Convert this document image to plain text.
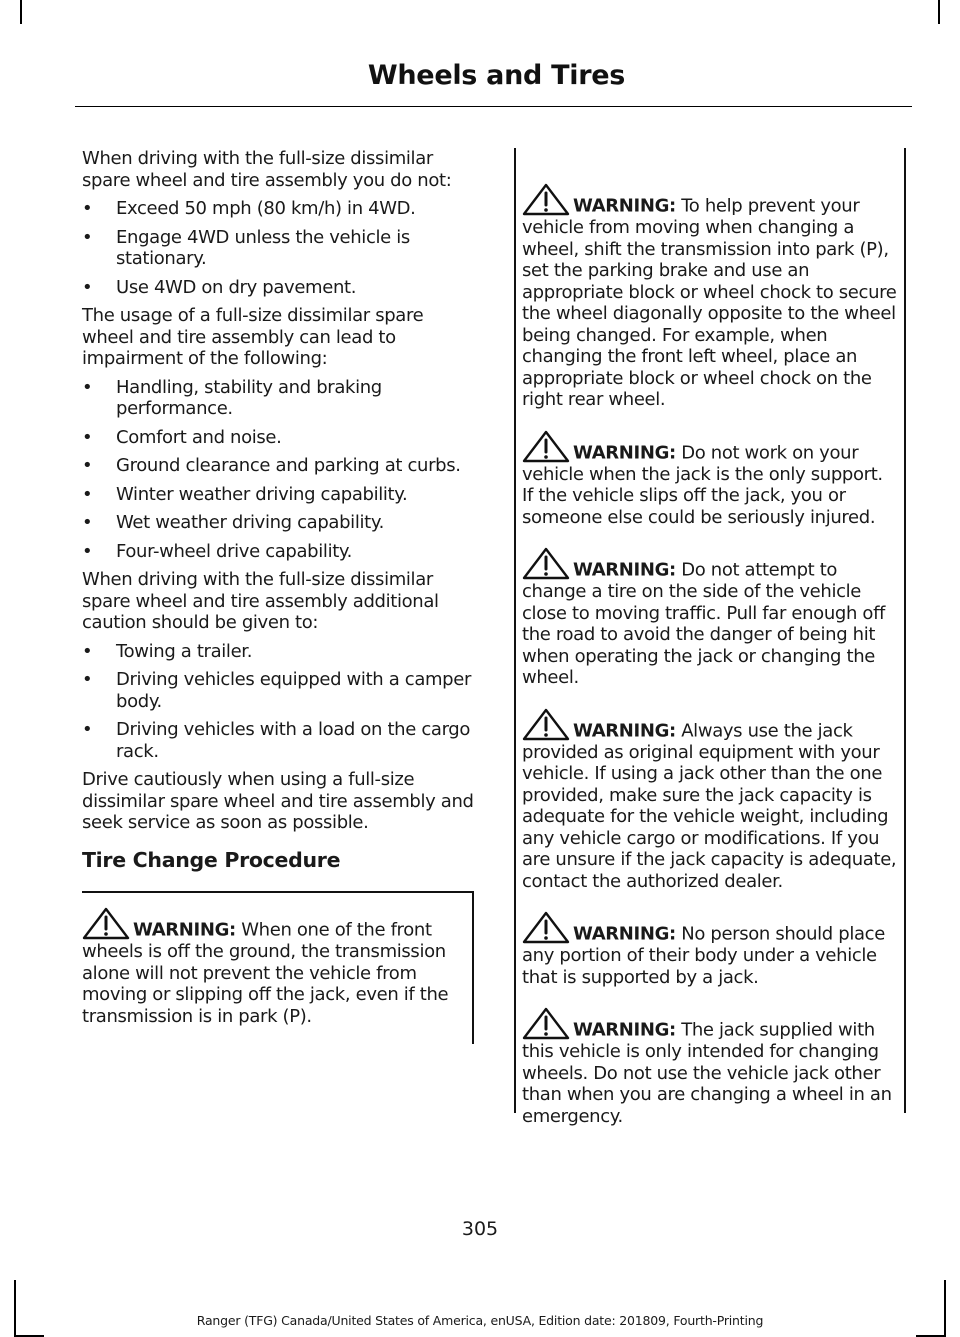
Wheels and Tires

When driving with the full-size dissimilar spare wheel and tire assembly you do not:

• Exceed 50 mph (80 km/h) in 4WD.
• Engage 4WD unless the vehicle is stationary.
• Use 4WD on dry pavement.

The usage of a full-size dissimilar spare wheel and tire assembly can lead to impairment of the following:

• Handling, stability and braking performance.
• Comfort and noise.
• Ground clearance and parking at curbs.
• Winter weather driving capability.
• Wet weather driving capability.
• Four-wheel drive capability.

When driving with the full-size dissimilar spare wheel and tire assembly additional caution should be given to:

• Towing a trailer.
• Driving vehicles equipped with a camper body.
• Driving vehicles with a load on the cargo rack.

Drive cautiously when using a full-size dissimilar spare wheel and tire assembly and seek service as soon as possible.

Tire Change Procedure
WARNING: When one of the front wheels is off the ground, the transmission alone will not prevent the vehicle from moving or slipping off the jack, even if the transmission is in park (P).
WARNING: To help prevent your vehicle from moving when changing a wheel, shift the transmission into park (P), set the parking brake and use an appropriate block or wheel chock to secure the wheel diagonally opposite to the wheel being changed. For example, when changing the front left wheel, place an appropriate block or wheel chock on the right rear wheel.
WARNING: Do not work on your vehicle when the jack is the only support. If the vehicle slips off the jack, you or someone else could be seriously injured.
WARNING: Do not attempt to change a tire on the side of the vehicle close to moving traffic. Pull far enough off the road to avoid the danger of being hit when operating the jack or changing the wheel.
WARNING: Always use the jack provided as original equipment with your vehicle. If using a jack other than the one provided, make sure the jack capacity is adequate for the vehicle weight, including any vehicle cargo or modifications. If you are unsure if the jack capacity is adequate, contact the authorized dealer.
WARNING: No person should place any portion of their body under a vehicle that is supported by a jack.
WARNING: The jack supplied with this vehicle is only intended for changing wheels. Do not use the vehicle jack other than when you are changing a wheel in an emergency.
305
Ranger (TFG) Canada/United States of America, enUSA, Edition date: 201809, Fourth-Printing
